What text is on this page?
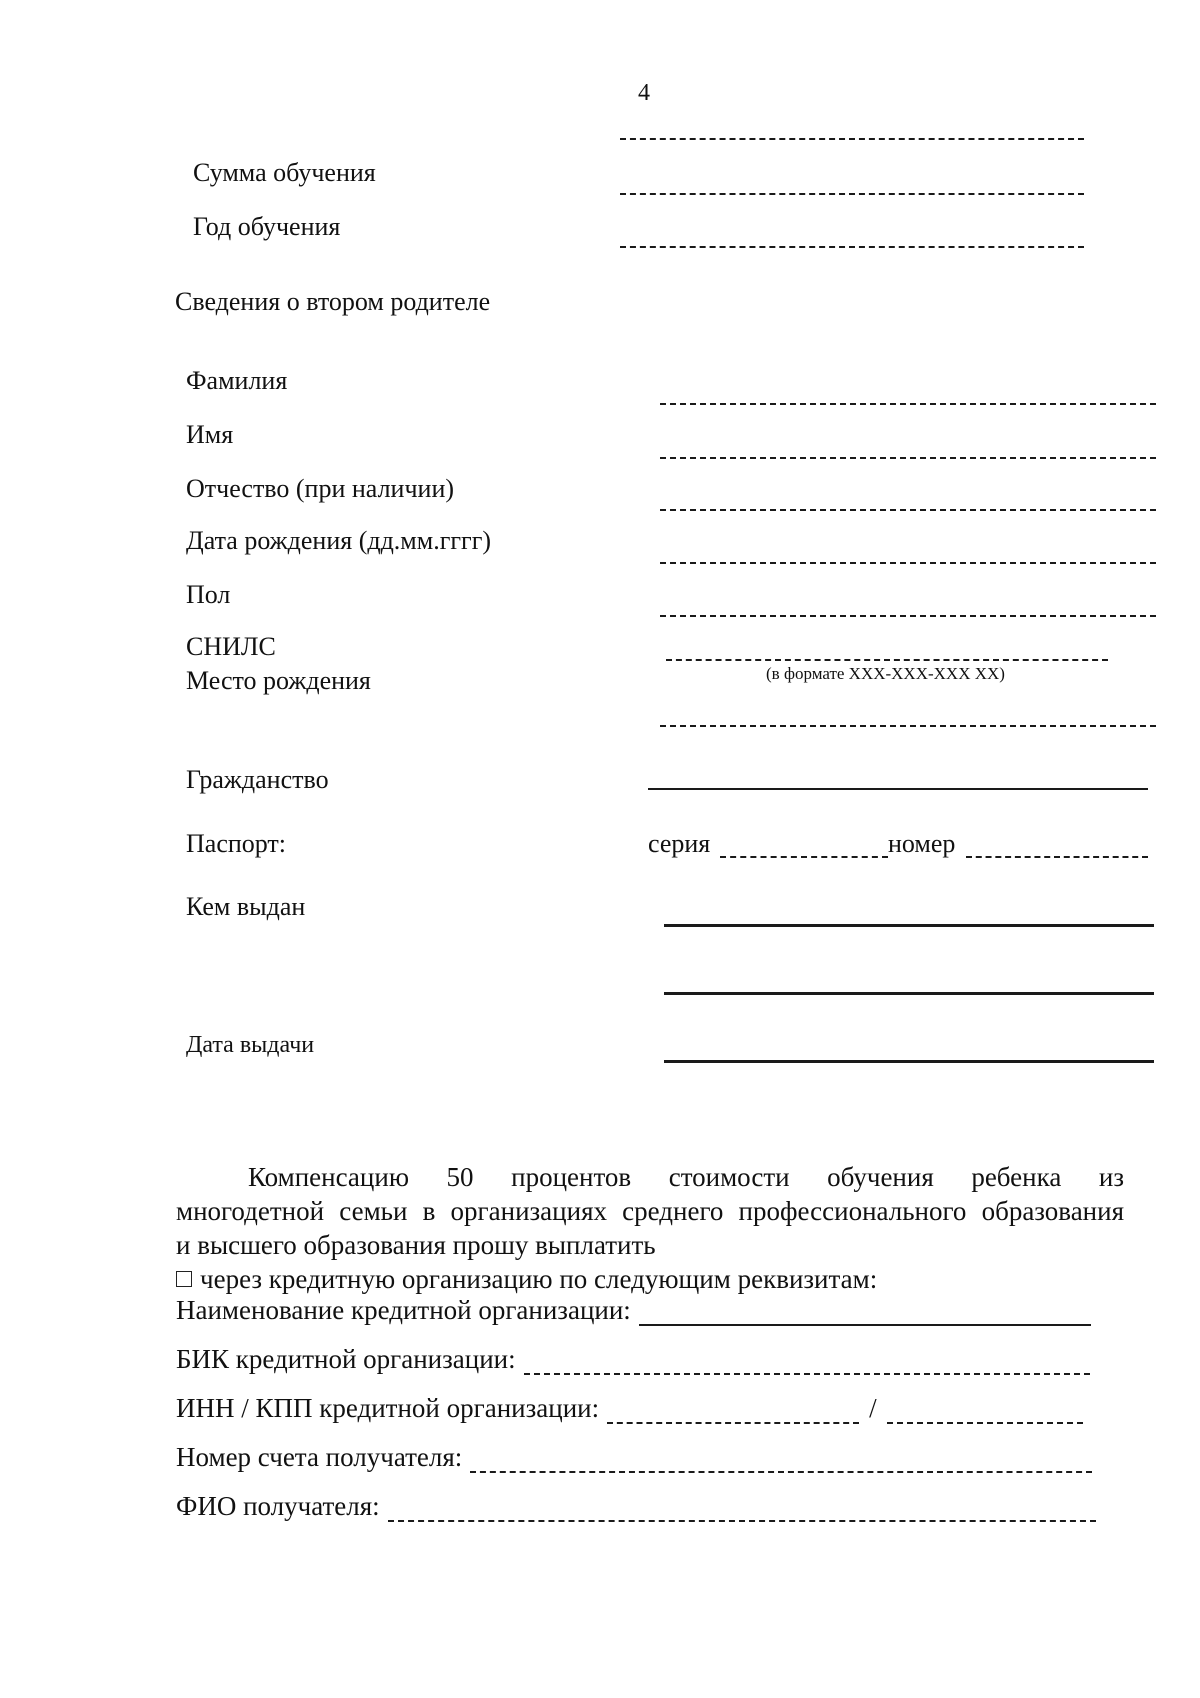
4
Сумма обучения
Год обучения
Сведения о втором родителе
Фамилия
Имя
Отчество (при наличии)
Дата рождения (дд.мм.гггг)
Пол
СНИЛС
(в формате XXX-XXX-XXX XX)
Место рождения
Гражданство
Паспорт:	серия	номер
Кем выдан
Дата выдачи
Компенсацию 50 процентов стоимости обучения ребенка из
многодетной семьи в организациях среднего профессионального образования
и высшего образования прошу выплатить
через кредитную организацию по следующим реквизитам:
Наименование кредитной организации:
БИК кредитной организации:
ИНН / КПП кредитной организации:	/
Номер счета получателя:
ФИО получателя:
